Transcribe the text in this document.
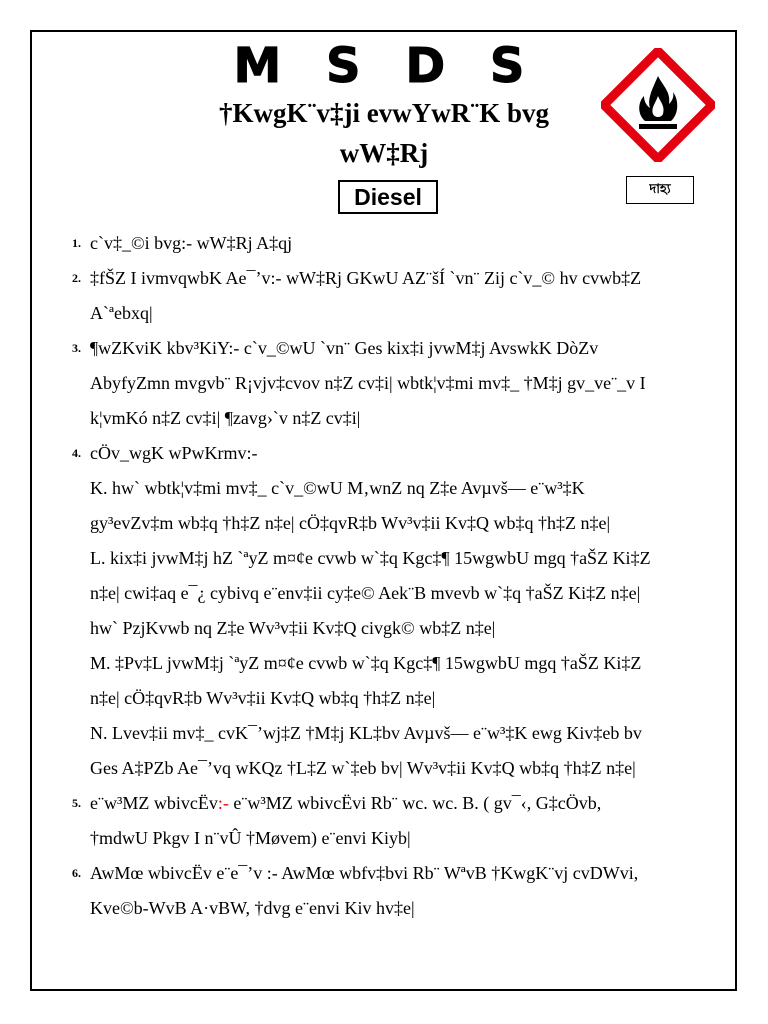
M S D S
†KwgK¨v‡ji evwYwR¨K bvg
wW‡Rj
Diesel	দাহ্য
1. c`v‡_©i bvg:- wW‡Rj A‡qj
2. ‡fŠZ I ivmvqwbK Ae¯’v:- wW‡Rj GKwU AZ¨šÍ `vn¨ Zij c`v_© hv cvwb‡Z
A`ªebxq|
3. ¶wZKviK kbv³KiY:- c`v_©wU `vn¨ Ges kix‡i jvwM‡j AvswkK DòZv
AbyfyZmn mvgvb¨ R¡vjv‡cvov n‡Z cv‡i| wbtk¦v‡mi mv‡_ †M‡j gv_ve¨_v I
k¦vmKó n‡Z cv‡i| ¶zavg›`v n‡Z cv‡i|
4. cÖv_wgK wPwKrmv:-
K. hw` wbtk¦v‡mi mv‡_ c`v_©wU M‚wnZ nq Z‡e Avµvš— e¨w³‡K
gy³evZv‡m wb‡q †h‡Z n‡e| cÖ‡qvR‡b Wv³v‡ii Kv‡Q wb‡q †h‡Z n‡e|
L. kix‡i jvwM‡j hZ `ªyZ m¤¢e cvwb w`‡q Kgc‡¶ 15wgwbU mgq †aŠZ Ki‡Z
n‡e| cwi‡aq e¯¿ cybivq e¨env‡ii cy‡e© Aek¨B mvevb w`‡q †aŠZ Ki‡Z n‡e|
hw` PzjKvwb nq Z‡e Wv³v‡ii Kv‡Q civgk© wb‡Z n‡e|
M. ‡Pv‡L jvwM‡j `ªyZ m¤¢e cvwb w`‡q Kgc‡¶ 15wgwbU mgq †aŠZ Ki‡Z
n‡e| cÖ‡qvR‡b Wv³v‡ii Kv‡Q wb‡q †h‡Z n‡e|
N. Lvev‡ii mv‡_ cvK¯’wj‡Z †M‡j KL‡bv Avµvš— e¨w³‡K ewg Kiv‡eb bv
Ges A‡PZb Ae¯’vq wKQz †L‡Z w`‡eb bv| Wv³v‡ii Kv‡Q wb‡q †h‡Z n‡e|
5. e¨w³MZ wbivcËv:- e¨w³MZ wbivcËvi Rb¨ wc. wc. B. ( gv¯‹, G‡cÖvb,
†mdwU Pkgv I n¨vÛ †Møvem) e¨envi Kiyb|
6. AwMœ wbivcËv e¨e¯’v :- AwMœ wbfv‡bvi Rb¨ WªvB †KwgK¨vj cvDWvi,
Kve©b-WvB A·vBW, †dvg e¨envi Kiv hv‡e|
